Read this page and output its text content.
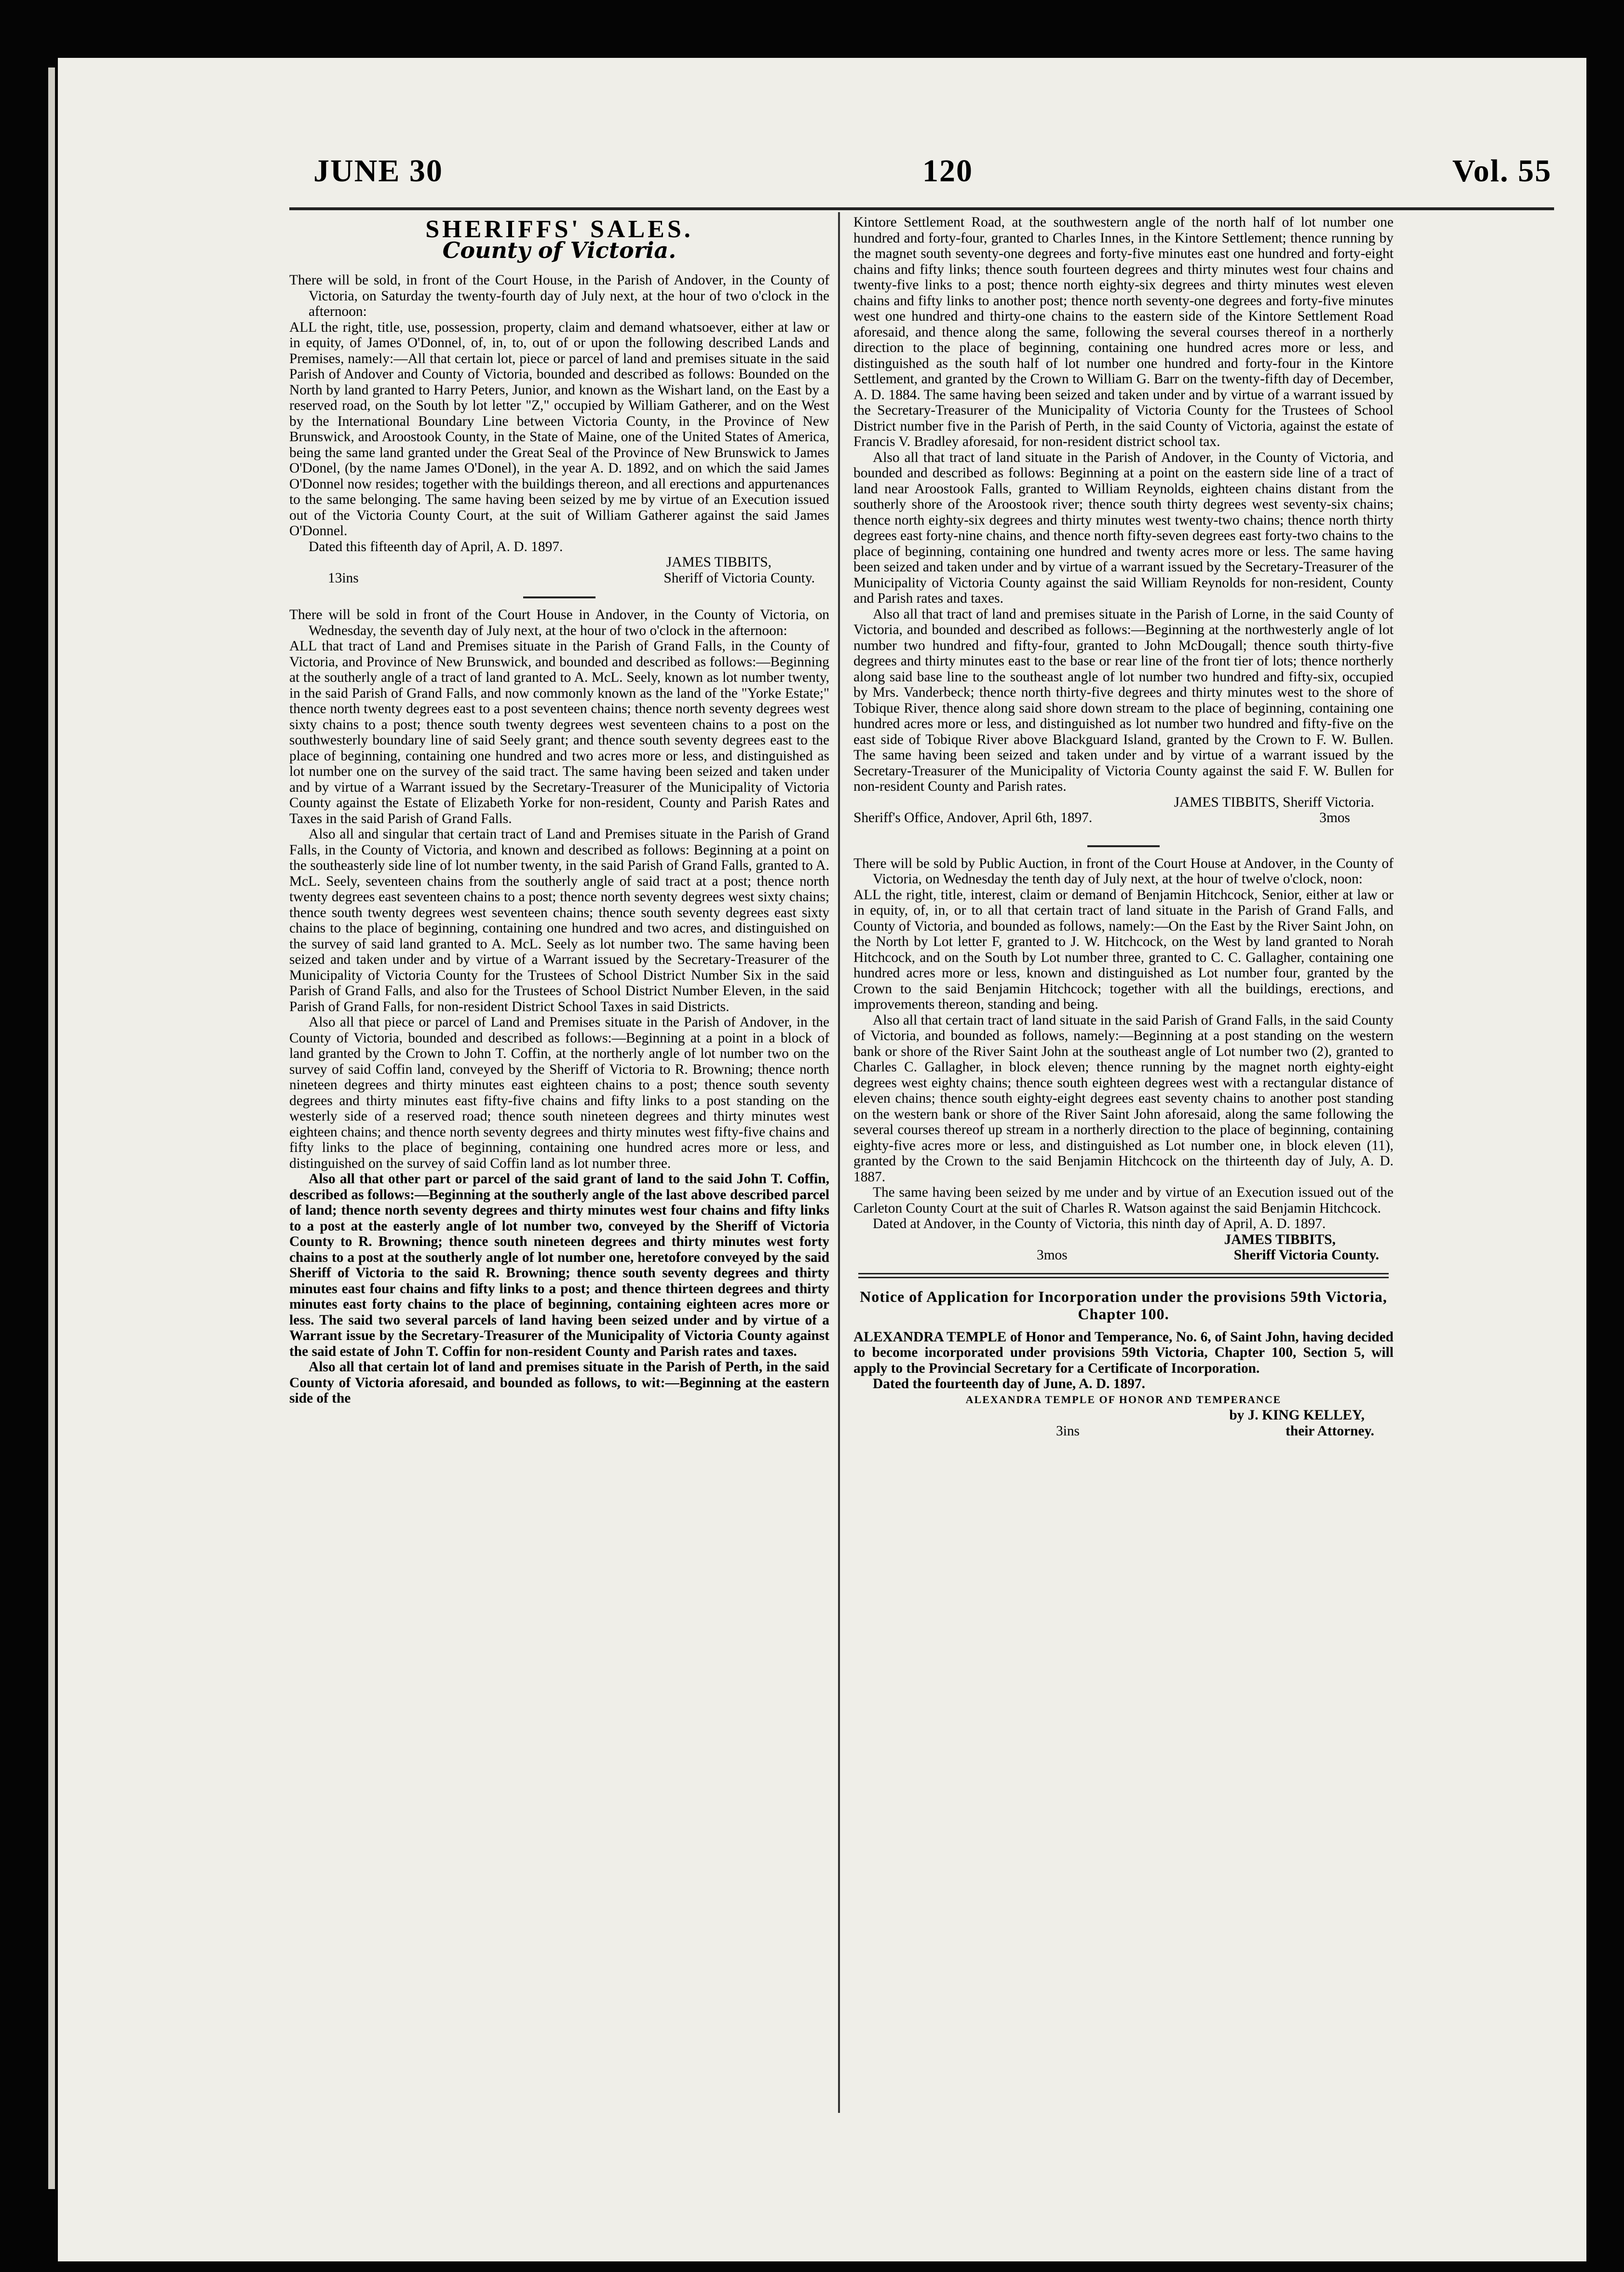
JUNE 30	120	Vol. 55
SHERIFFS' SALES.
County of Victoria.

There will be sold, in front of the Court House, in the Parish of Andover, in the County of Victoria, on Saturday the twenty-fourth day of July next, at the hour of two o'clock in the afternoon:

ALL the right, title, use, possession, property, claim and demand whatsoever, either at law or in equity, of James O'Donnel, of, in, to, out of or upon the following described Lands and Premises, namely:—All that certain lot, piece or parcel of land and premises situate in the said Parish of Andover and County of Victoria, bounded and described as follows: Bounded on the North by land granted to Harry Peters, Junior, and known as the Wishart land, on the East by a reserved road, on the South by lot letter "Z," occupied by William Gatherer, and on the West by the International Boundary Line between Victoria County, in the Province of New Brunswick, and Aroostook County, in the State of Maine, one of the United States of America, being the same land granted under the Great Seal of the Province of New Brunswick to James O'Donel, (by the name James O'Donel), in the year A. D. 1892, and on which the said James O'Donnel now resides; together with the buildings thereon, and all erections and appurtenances to the same belonging. The same having been seized by me by virtue of an Execution issued out of the Victoria County Court, at the suit of William Gatherer against the said James O'Donnel.

Dated this fifteenth day of April, A. D. 1897.

JAMES TIBBITS,

13ins	Sheriff of Victoria County.

There will be sold in front of the Court House in Andover, in the County of Victoria, on Wednesday, the seventh day of July next, at the hour of two o'clock in the afternoon:

ALL that tract of Land and Premises situate in the Parish of Grand Falls, in the County of Victoria, and Province of New Brunswick, and bounded and described as follows:—Beginning at the southerly angle of a tract of land granted to A. McL. Seely, known as lot number twenty, in the said Parish of Grand Falls, and now commonly known as the land of the "Yorke Estate;" thence north twenty degrees east to a post seventeen chains; thence north seventy degrees west sixty chains to a post; thence south twenty degrees west seventeen chains to a post on the southwesterly boundary line of said Seely grant; and thence south seventy degrees east to the place of beginning, containing one hundred and two acres more or less, and distinguished as lot number one on the survey of the said tract. The same having been seized and taken under and by virtue of a Warrant issued by the Secretary-Treasurer of the Municipality of Victoria County against the Estate of Elizabeth Yorke for non-resident, County and Parish Rates and Taxes in the said Parish of Grand Falls.

Also all and singular that certain tract of Land and Premises situate in the Parish of Grand Falls, in the County of Victoria, and known and described as follows: Beginning at a point on the southeasterly side line of lot number twenty, in the said Parish of Grand Falls, granted to A. McL. Seely, seventeen chains from the southerly angle of said tract at a post; thence north twenty degrees east seventeen chains to a post; thence north seventy degrees west sixty chains; thence south twenty degrees west seventeen chains; thence south seventy degrees east sixty chains to the place of beginning, containing one hundred and two acres, and distinguished on the survey of said land granted to A. McL. Seely as lot number two. The same having been seized and taken under and by virtue of a Warrant issued by the Secretary-Treasurer of the Municipality of Victoria County for the Trustees of School District Number Six in the said Parish of Grand Falls, and also for the Trustees of School District Number Eleven, in the said Parish of Grand Falls, for non-resident District School Taxes in said Districts.

Also all that piece or parcel of Land and Premises situate in the Parish of Andover, in the County of Victoria, bounded and described as follows:—Beginning at a point in a block of land granted by the Crown to John T. Coffin, at the northerly angle of lot number two on the survey of said Coffin land, conveyed by the Sheriff of Victoria to R. Browning; thence north nineteen degrees and thirty minutes east eighteen chains to a post; thence south seventy degrees and thirty minutes east fifty-five chains and fifty links to a post standing on the westerly side of a reserved road; thence south nineteen degrees and thirty minutes west eighteen chains; and thence north seventy degrees and thirty minutes west fifty-five chains and fifty links to the place of beginning, containing one hundred acres more or less, and distinguished on the survey of said Coffin land as lot number three.

Also all that other part or parcel of the said grant of land to the said John T. Coffin, described as follows:—Beginning at the southerly angle of the last above described parcel of land; thence north seventy degrees and thirty minutes west four chains and fifty links to a post at the easterly angle of lot number two, conveyed by the Sheriff of Victoria County to R. Browning; thence south nineteen degrees and thirty minutes west forty chains to a post at the southerly angle of lot number one, heretofore conveyed by the said Sheriff of Victoria to the said R. Browning; thence south seventy degrees and thirty minutes east four chains and fifty links to a post; and thence thirteen degrees and thirty minutes east forty chains to the place of beginning, containing eighteen acres more or less. The said two several parcels of land having been seized under and by virtue of a Warrant issue by the Secretary-Treasurer of the Municipality of Victoria County against the said estate of John T. Coffin for non-resident County and Parish rates and taxes.

Also all that certain lot of land and premises situate in the Parish of Perth, in the said County of Victoria aforesaid, and bounded as follows, to wit:—Beginning at the eastern side of the

Kintore Settlement Road, at the southwestern angle of the north half of lot number one hundred and forty-four, granted to Charles Innes, in the Kintore Settlement; thence running by the magnet south seventy-one degrees and forty-five minutes east one hundred and forty-eight chains and fifty links; thence south fourteen degrees and thirty minutes west four chains and twenty-five links to a post; thence north eighty-six degrees and thirty minutes west eleven chains and fifty links to another post; thence north seventy-one degrees and forty-five minutes west one hundred and thirty-one chains to the eastern side of the Kintore Settlement Road aforesaid, and thence along the same, following the several courses thereof in a northerly direction to the place of beginning, containing one hundred acres more or less, and distinguished as the south half of lot number one hundred and forty-four in the Kintore Settlement, and granted by the Crown to William G. Barr on the twenty-fifth day of December, A. D. 1884. The same having been seized and taken under and by virtue of a warrant issued by the Secretary-Treasurer of the Municipality of Victoria County for the Trustees of School District number five in the Parish of Perth, in the said County of Victoria, against the estate of Francis V. Bradley aforesaid, for non-resident district school tax.

Also all that tract of land situate in the Parish of Andover, in the County of Victoria, and bounded and described as follows: Beginning at a point on the eastern side line of a tract of land near Aroostook Falls, granted to William Reynolds, eighteen chains distant from the southerly shore of the Aroostook river; thence south thirty degrees west seventy-six chains; thence north eighty-six degrees and thirty minutes west twenty-two chains; thence north thirty degrees east forty-nine chains, and thence north fifty-seven degrees east forty-two chains to the place of beginning, containing one hundred and twenty acres more or less. The same having been seized and taken under and by virtue of a warrant issued by the Secretary-Treasurer of the Municipality of Victoria County against the said William Reynolds for non-resident, County and Parish rates and taxes.

Also all that tract of land and premises situate in the Parish of Lorne, in the said County of Victoria, and bounded and described as follows:—Beginning at the northwesterly angle of lot number two hundred and fifty-four, granted to John McDougall; thence south thirty-five degrees and thirty minutes east to the base or rear line of the front tier of lots; thence northerly along said base line to the southeast angle of lot number two hundred and fifty-six, occupied by Mrs. Vanderbeck; thence north thirty-five degrees and thirty minutes west to the shore of Tobique River, thence along said shore down stream to the place of beginning, containing one hundred acres more or less, and distinguished as lot number two hundred and fifty-five on the east side of Tobique River above Blackguard Island, granted by the Crown to F. W. Bullen. The same having been seized and taken under and by virtue of a warrant issued by the Secretary-Treasurer of the Municipality of Victoria County against the said F. W. Bullen for non-resident County and Parish rates.

JAMES TIBBITS, Sheriff Victoria.

Sheriff's Office, Andover, April 6th, 1897.	3mos

There will be sold by Public Auction, in front of the Court House at Andover, in the County of Victoria, on Wednesday the tenth day of July next, at the hour of twelve o'clock, noon:

ALL the right, title, interest, claim or demand of Benjamin Hitchcock, Senior, either at law or in equity, of, in, or to all that certain tract of land situate in the Parish of Grand Falls, and County of Victoria, and bounded as follows, namely:—On the East by the River Saint John, on the North by Lot letter F, granted to J. W. Hitchcock, on the West by land granted to Norah Hitchcock, and on the South by Lot number three, granted to C. C. Gallagher, containing one hundred acres more or less, known and distinguished as Lot number four, granted by the Crown to the said Benjamin Hitchcock; together with all the buildings, erections, and improvements thereon, standing and being.

Also all that certain tract of land situate in the said Parish of Grand Falls, in the said County of Victoria, and bounded as follows, namely:—Beginning at a post standing on the western bank or shore of the River Saint John at the southeast angle of Lot number two (2), granted to Charles C. Gallagher, in block eleven; thence running by the magnet north eighty-eight degrees west eighty chains; thence south eighteen degrees west with a rectangular distance of eleven chains; thence south eighty-eight degrees east seventy chains to another post standing on the western bank or shore of the River Saint John aforesaid, along the same following the several courses thereof up stream in a northerly direction to the place of beginning, containing eighty-five acres more or less, and distinguished as Lot number one, in block eleven (11), granted by the Crown to the said Benjamin Hitchcock on the thirteenth day of July, A. D. 1887.

The same having been seized by me under and by virtue of an Execution issued out of the Carleton County Court at the suit of Charles R. Watson against the said Benjamin Hitchcock.

Dated at Andover, in the County of Victoria, this ninth day of April, A. D. 1897.

JAMES TIBBITS,

3mos	Sheriff Victoria County.
Notice of Application for Incorporation under the provisions 59th Victoria, Chapter 100.

ALEXANDRA TEMPLE of Honor and Temperance, No. 6, of Saint John, having decided to become incorporated under provisions 59th Victoria, Chapter 100, Section 5, will apply to the Provincial Secretary for a Certificate of Incorporation.

Dated the fourteenth day of June, A. D. 1897.

ALEXANDRA TEMPLE OF HONOR AND TEMPERANCE

by J. KING KELLEY,

3ins	their Attorney.
